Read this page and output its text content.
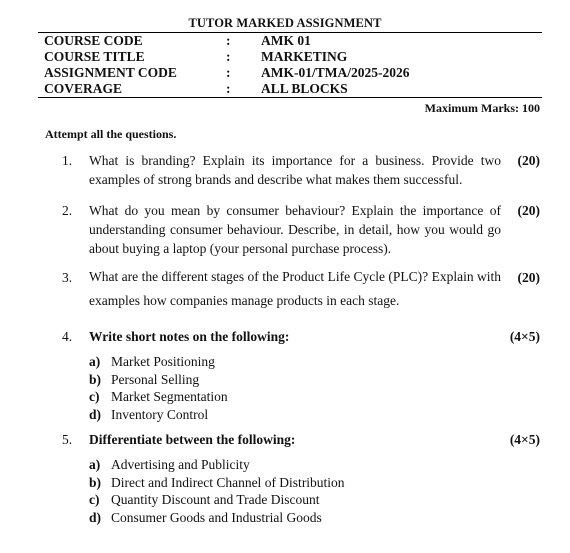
TUTOR MARKED ASSIGNMENT
COURSE CODE	: AMK 01
COURSE TITLE	: MARKETING
ASSIGNMENT CODE	: AMK-01/TMA/2025-2026
COVERAGE	: ALL BLOCKS
Maximum Marks: 100
Attempt all the questions.
1. What is branding? Explain its importance for a business. Provide two examples of strong brands and describe what makes them successful.
(20)
2. What do you mean by consumer behaviour? Explain the importance of understanding consumer behaviour. Describe, in detail, how you would go about buying a laptop (your personal purchase process).
(20)
3. What are the different stages of the Product Life Cycle (PLC)? Explain with examples how companies manage products in each stage.
(20)
4. Write short notes on the following:	(4×5)
a) Market Positioning
b) Personal Selling
c) Market Segmentation
d) Inventory Control
5. Differentiate between the following:	(4×5)
a) Advertising and Publicity
b) Direct and Indirect Channel of Distribution
c) Quantity Discount and Trade Discount
d) Consumer Goods and Industrial Goods
